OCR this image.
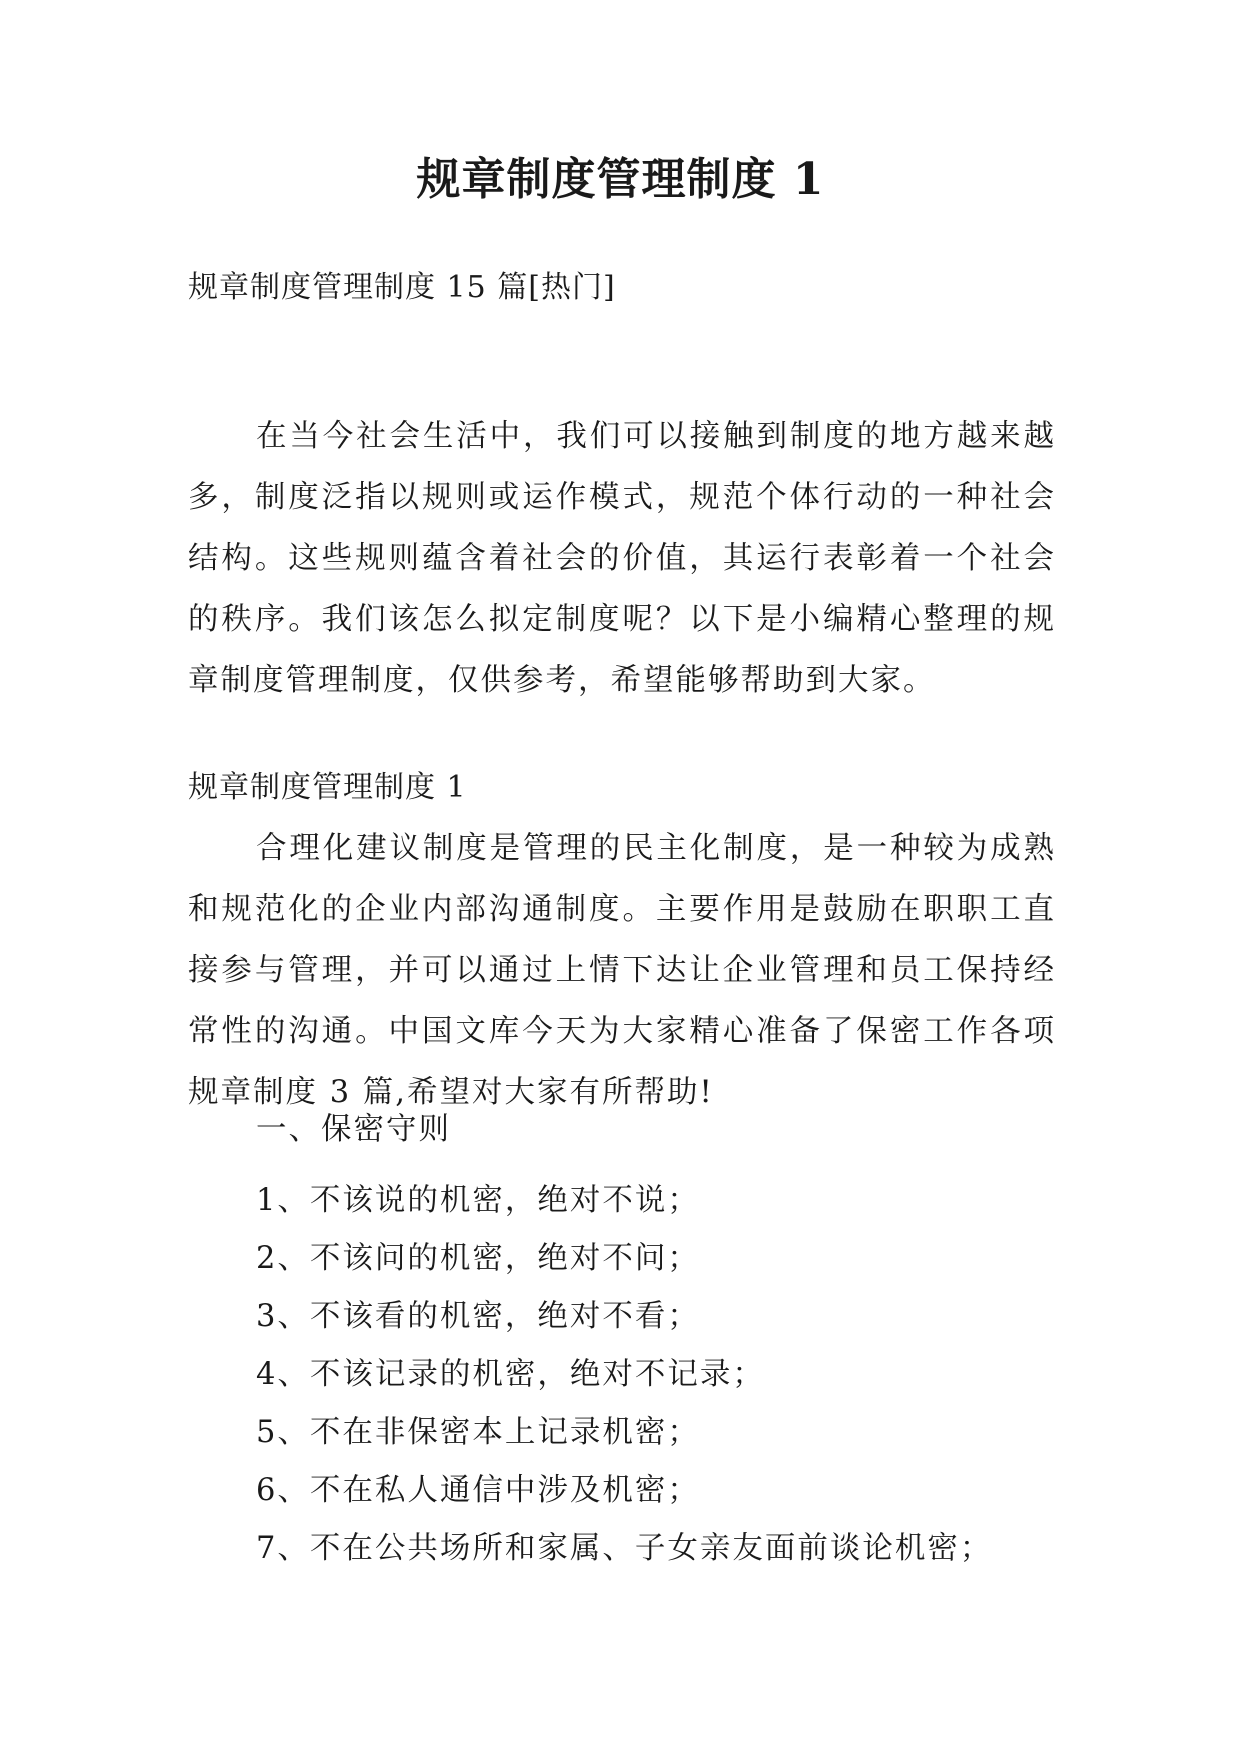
规章制度管理制度 1
规章制度管理制度 15 篇[热门]

在当今社会生活中，我们可以接触到制度的地方越来越多，制度泛指以规则或运作模式，规范个体行动的一种社会结构。这些规则蕴含着社会的价值，其运行表彰着一个社会的秩序。我们该怎么拟定制度呢？以下是小编精心整理的规章制度管理制度，仅供参考，希望能够帮助到大家。

规章制度管理制度 1

合理化建议制度是管理的民主化制度，是一种较为成熟和规范化的企业内部沟通制度。主要作用是鼓励在职职工直接参与管理，并可以通过上情下达让企业管理和员工保持经常性的沟通。中国文库今天为大家精心准备了保密工作各项规章制度 3 篇,希望对大家有所帮助!

一、保密守则
1、不该说的机密，绝对不说；
2、不该问的机密，绝对不问；
3、不该看的机密，绝对不看；
4、不该记录的机密，绝对不记录；
5、不在非保密本上记录机密；
6、不在私人通信中涉及机密；
7、不在公共场所和家属、子女亲友面前谈论机密；
